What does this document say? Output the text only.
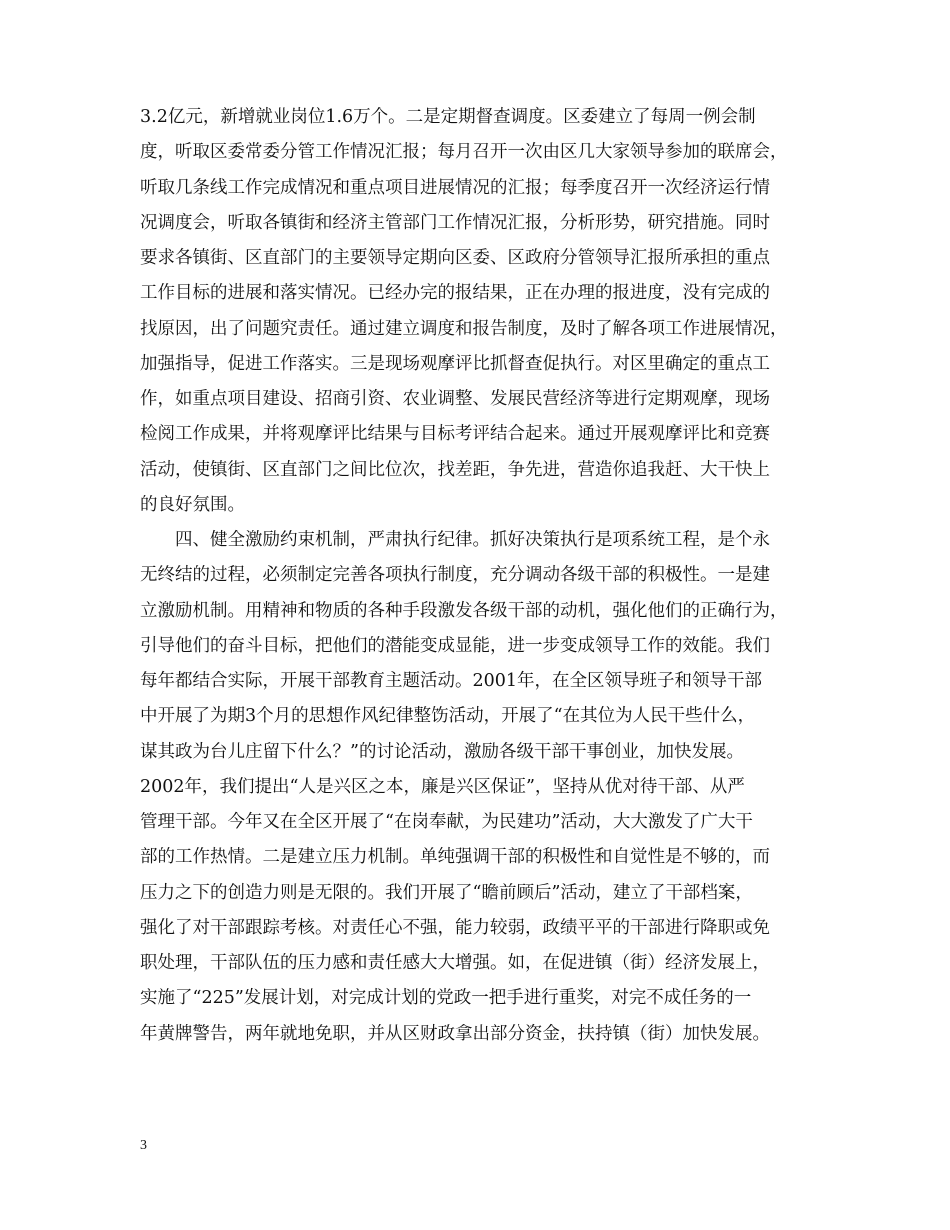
3.2亿元，新增就业岗位1.6万个。二是定期督查调度。区委建立了每周一例会制
度，听取区委常委分管工作情况汇报；每月召开一次由区几大家领导参加的联席会，
听取几条线工作完成情况和重点项目进展情况的汇报；每季度召开一次经济运行情
况调度会，听取各镇街和经济主管部门工作情况汇报，分析形势，研究措施。同时
要求各镇街、区直部门的主要领导定期向区委、区政府分管领导汇报所承担的重点
工作目标的进展和落实情况。已经办完的报结果，正在办理的报进度，没有完成的
找原因，出了问题究责任。通过建立调度和报告制度，及时了解各项工作进展情况，
加强指导，促进工作落实。三是现场观摩评比抓督查促执行。对区里确定的重点工
作，如重点项目建设、招商引资、农业调整、发展民营经济等进行定期观摩，现场
检阅工作成果，并将观摩评比结果与目标考评结合起来。通过开展观摩评比和竞赛
活动，使镇街、区直部门之间比位次，找差距，争先进，营造你追我赶、大干快上
的良好氛围。
　　四、健全激励约束机制，严肃执行纪律。抓好决策执行是项系统工程，是个永
无终结的过程，必须制定完善各项执行制度，充分调动各级干部的积极性。一是建
立激励机制。用精神和物质的各种手段激发各级干部的动机，强化他们的正确行为，
引导他们的奋斗目标，把他们的潜能变成显能，进一步变成领导工作的效能。我们
每年都结合实际，开展干部教育主题活动。2001年，在全区领导班子和领导干部
中开展了为期3个月的思想作风纪律整饬活动，开展了“在其位为人民干些什么，
谋其政为台儿庄留下什么？”的讨论活动，激励各级干部干事创业，加快发展。
2002年，我们提出“人是兴区之本，廉是兴区保证”，坚持从优对待干部、从严
管理干部。今年又在全区开展了“在岗奉献，为民建功”活动，大大激发了广大干
部的工作热情。二是建立压力机制。单纯强调干部的积极性和自觉性是不够的，而
压力之下的创造力则是无限的。我们开展了“瞻前顾后”活动，建立了干部档案，
强化了对干部跟踪考核。对责任心不强，能力较弱，政绩平平的干部进行降职或免
职处理，干部队伍的压力感和责任感大大增强。如，在促进镇（街）经济发展上，
实施了“225”发展计划，对完成计划的党政一把手进行重奖，对完不成任务的一
年黄牌警告，两年就地免职，并从区财政拿出部分资金，扶持镇（街）加快发展。
3
